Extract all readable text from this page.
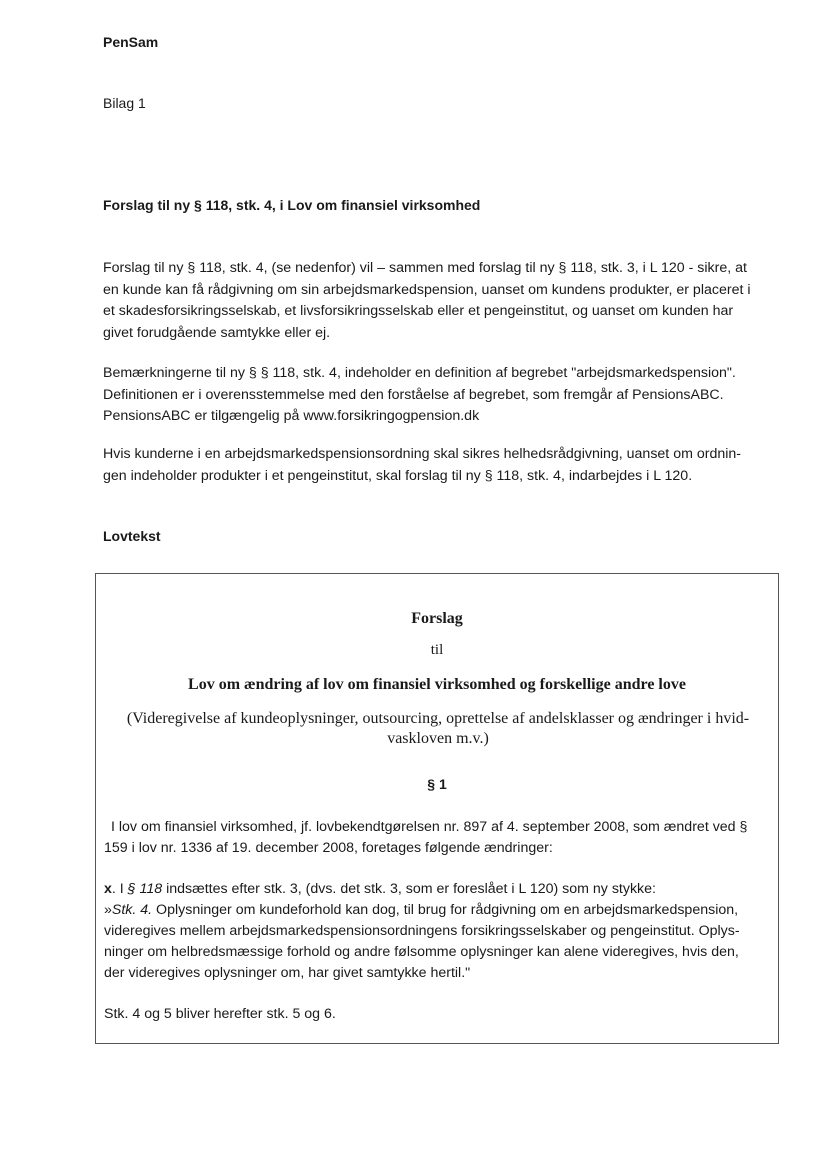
PenSam
Bilag 1
Forslag til ny § 118, stk. 4, i Lov om finansiel virksomhed

Forslag til ny § 118, stk. 4, (se nedenfor) vil – sammen med forslag til ny § 118, stk. 3, i L 120 - sikre, at
en kunde kan få rådgivning om sin arbejdsmarkedspension, uanset om kundens produkter, er placeret i
et skadesforsikringsselskab, et livsforsikringsselskab eller et pengeinstitut, og uanset om kunden har
givet forudgående samtykke eller ej.

Bemærkningerne til ny § § 118, stk. 4, indeholder en definition af begrebet "arbejdsmarkedspension".
Definitionen er i overensstemmelse med den forståelse af begrebet, som fremgår af PensionsABC.
PensionsABC er tilgængelig på www.forsikringogpension.dk

Hvis kunderne i en arbejdsmarkedspensionsordning skal sikres helhedsrådgivning, uanset om ordnin-
gen indeholder produkter i et pengeinstitut, skal forslag til ny § 118, stk. 4, indarbejdes i L 120.

Lovtekst
Forslag
til
Lov om ændring af lov om finansiel virksomhed og forskellige andre love
(Videregivelse af kundeoplysninger, outsourcing, oprettelse af andelsklasser og ændringer i hvid-
vaskloven m.v.)
§ 1

I lov om finansiel virksomhed, jf. lovbekendtgørelsen nr. 897 af 4. september 2008, som ændret ved §
159 i lov nr. 1336 af 19. december 2008, foretages følgende ændringer:

x. I § 118 indsættes efter stk. 3, (dvs. det stk. 3, som er foreslået i L 120) som ny stykke:
»Stk. 4. Oplysninger om kundeforhold kan dog, til brug for rådgivning om en arbejdsmarkedspension,
videregives mellem arbejdsmarkedspensionsordningens forsikringsselskaber og pengeinstitut. Oplys-
ninger om helbredsmæssige forhold og andre følsomme oplysninger kan alene videregives, hvis den,
der videregives oplysninger om, har givet samtykke hertil."

Stk. 4 og 5 bliver herefter stk. 5 og 6.
